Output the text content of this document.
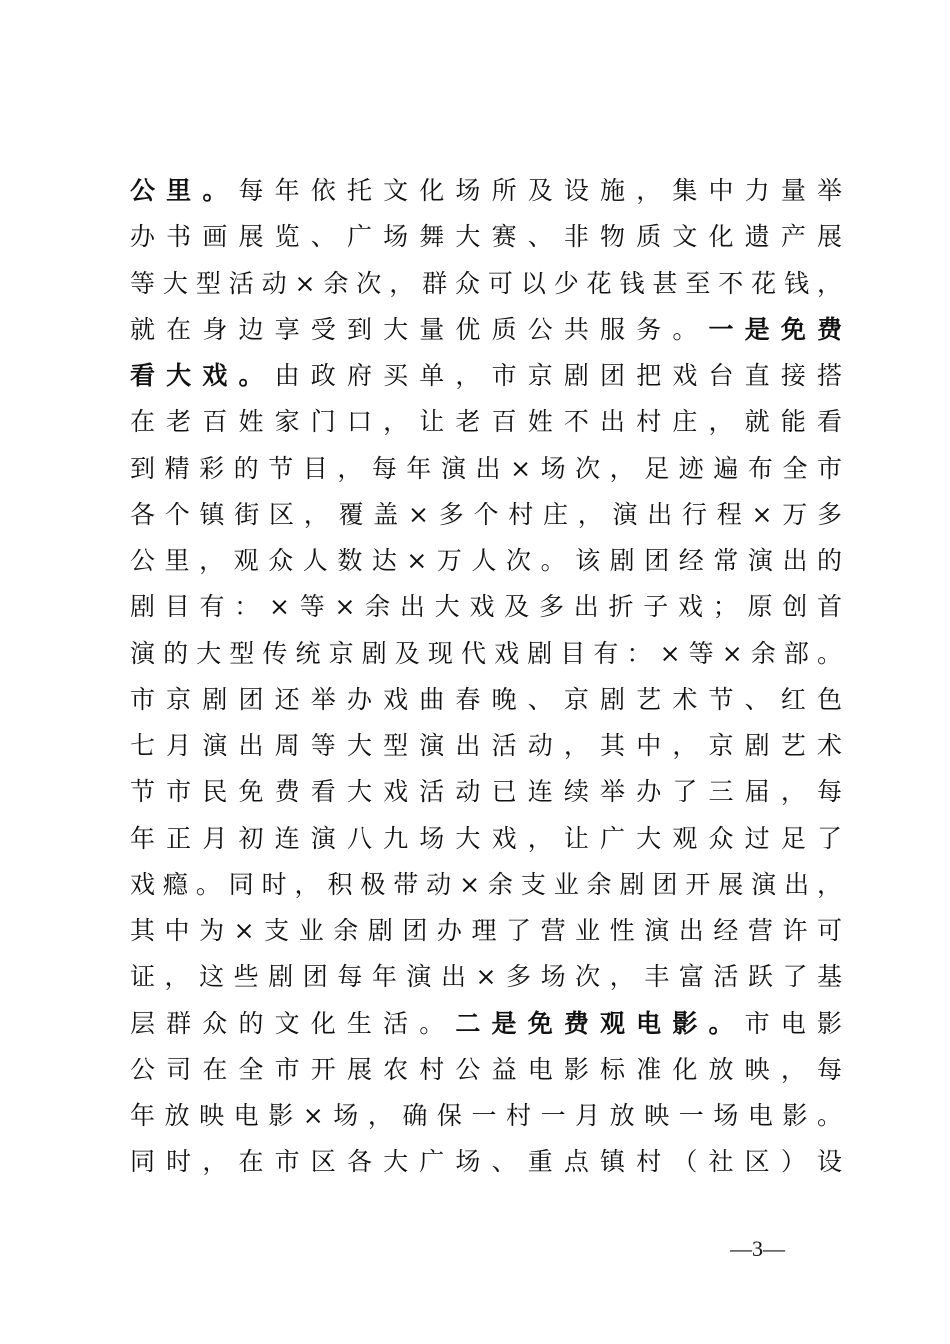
公里。每年依托文化场所及设施，集中力量举
办书画展览、广场舞大赛、非物质文化遗产展
等大型活动×余次，群众可以少花钱甚至不花钱，
就在身边享受到大量优质公共服务。一是免费
看大戏。由政府买单，市京剧团把戏台直接搭
在老百姓家门口，让老百姓不出村庄，就能看
到精彩的节目，每年演出×场次，足迹遍布全市
各个镇街区，覆盖×多个村庄，演出行程×万多
公里，观众人数达×万人次。该剧团经常演出的
剧目有：×等×余出大戏及多出折子戏；原创首
演的大型传统京剧及现代戏剧目有：×等×余部。
市京剧团还举办戏曲春晚、京剧艺术节、红色
七月演出周等大型演出活动，其中，京剧艺术
节市民免费看大戏活动已连续举办了三届，每
年正月初连演八九场大戏，让广大观众过足了
戏瘾。同时，积极带动×余支业余剧团开展演出，
其中为×支业余剧团办理了营业性演出经营许可
证，这些剧团每年演出×多场次，丰富活跃了基
层群众的文化生活。二是免费观电影。市电影
公司在全市开展农村公益电影标准化放映，每
年放映电影×场，确保一村一月放映一场电影。
同时，在市区各大广场、重点镇村（社区）设
—3—
